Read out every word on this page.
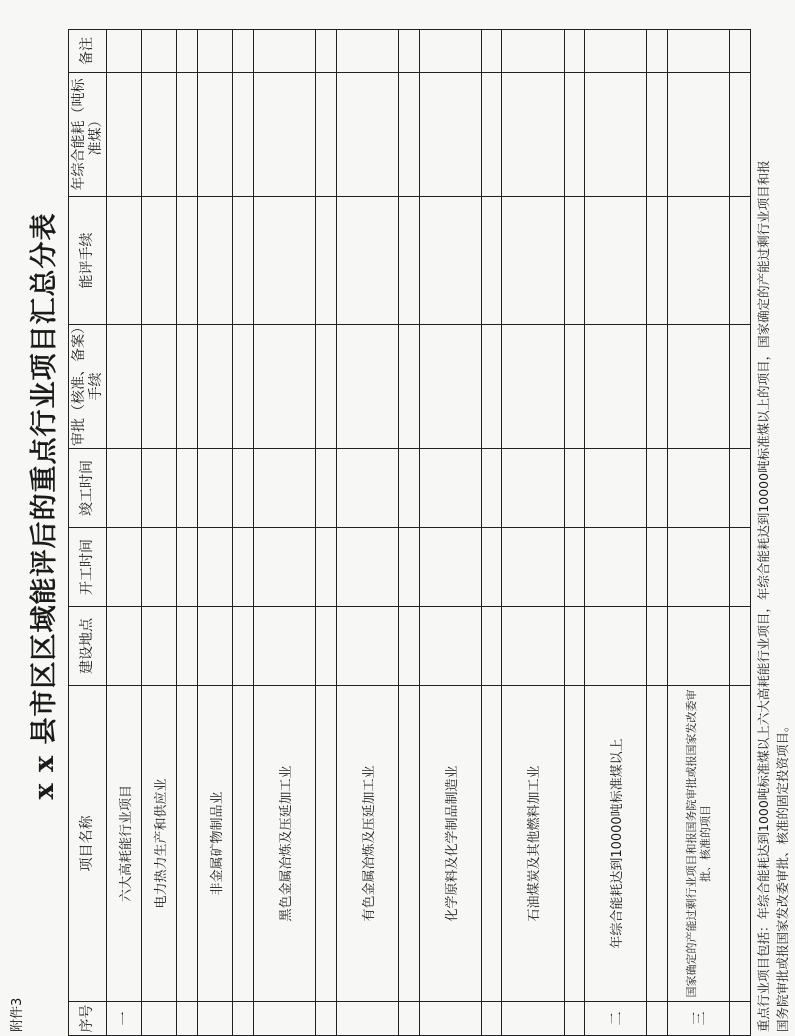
附件3
x x 县市区区域能评后的重点行业项目汇总分表
序号	项目名称	建设地点	开工时间	竣工时间	审批（核准、备案）手续	能评手续	年综合能耗（吨标准煤）	备注
一	六大高耗能行业项目							
	电力热力生产和供应业							

	非金属矿物制品业							

	黑色金属冶炼及压延加工业							

	有色金属冶炼及压延加工业							

	化学原料及化学制品制造业							

	石油煤炭及其他燃料加工业							

二	年综合能耗达到10000吨标准煤以上							

三	国家确定的产能过剩行业项目和报国务院审批或报国家发改委审批、核准的项目							
									重点行业项目包括：年综合能耗达到1000吨标准煤以上六大高耗能行业项目，年综合能耗达到10000吨标准煤以上的项目，国家确定的产能过剩行业项目和报 国务院审批或报国家发改委审批、核准的固定投资项目。
